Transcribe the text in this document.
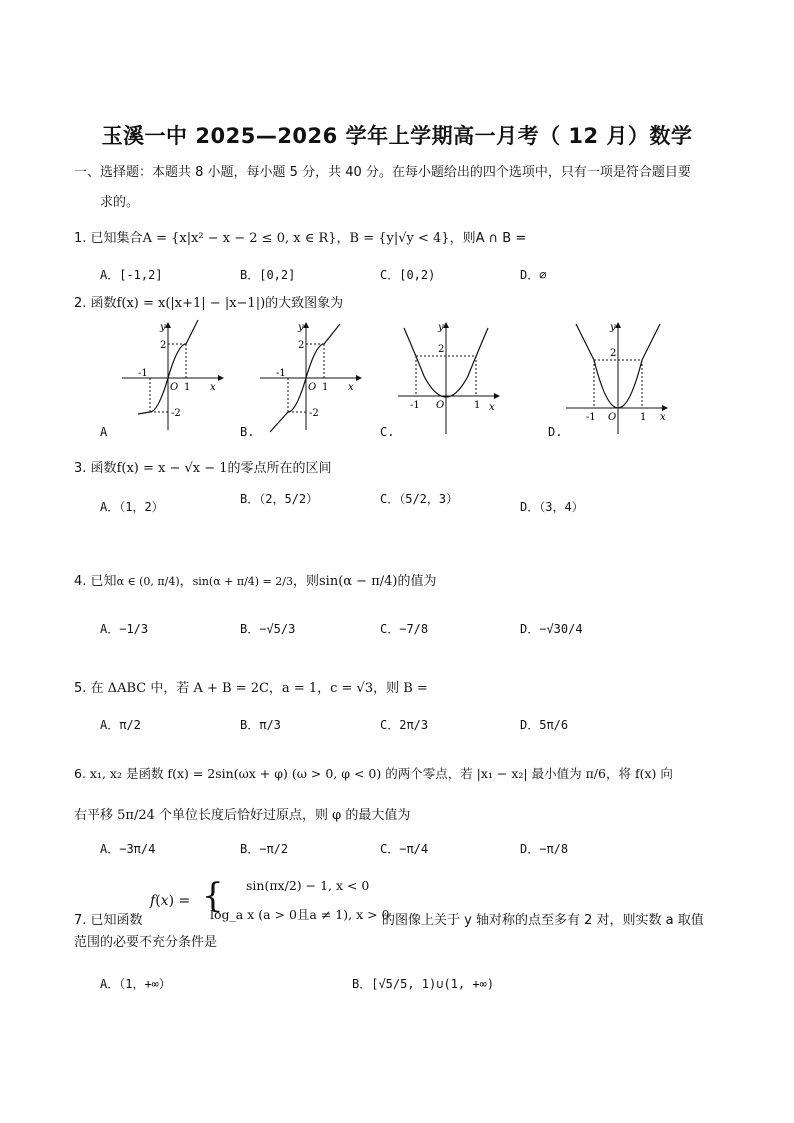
玉溪一中 2025—2026 学年上学期高一月考（ 12 月）数学
一、选择题：本题共 8 小题，每小题 5 分，共 40 分。在每小题给出的四个选项中，只有一项是符合题目要
求的。
1. 已知集合A = {x|x² − x − 2 ≤ 0, x ∈ R}，B = {y|√y < 4}，则A ∩ B =
A．[-1,2]	B．[0,2]	C．[0,2)	D．∅
2. 函数f(x) = x(|x+1| − |x−1|)的大致图象为
y
x
O
2
-2
1
-1
y
x
O
2
-2
1
-1
y
x
O
2
1
-1
y
x
O
2
1
-1
A	B.	C.	D.
3. 函数f(x) = x − √x − 1的零点所在的区间
A．（1，2）
B．（2，5/2）	C．（5/2，3）
D．（3，4）
4. 已知α ∈ (0, π/4)，sin(α + π/4) = 2/3，则sin(α − π/4)的值为
A．−1/3	B．−√5/3	C．−7/8	D．−√30/4
5. 在 ΔABC 中，若 A + B = 2C，a = 1，c = √3，则 B =
A．π/2	B．π/3	C．2π/3	D．5π/6
6. x₁, x₂ 是函数 f(x) = 2sin(ωx + φ) (ω > 0, φ < 0) 的两个零点，若 |x₁ − x₂| 最小值为 π/6，将 f(x) 向
右平移 5π/24 个单位长度后恰好过原点，则 φ 的最大值为
A．−3π/4	B．−π/2	C．−π/4	D．−π/8
7. 已知函数
f(x) = { sin(πx/2) − 1, x < 0
log_a x (a > 0且a ≠ 1), x > 0
的图像上关于 y 轴对称的点至多有 2 对，则实数 a 取值
范围的必要不充分条件是
A．（1，+∞）	B．[√5/5, 1)∪(1, +∞)
